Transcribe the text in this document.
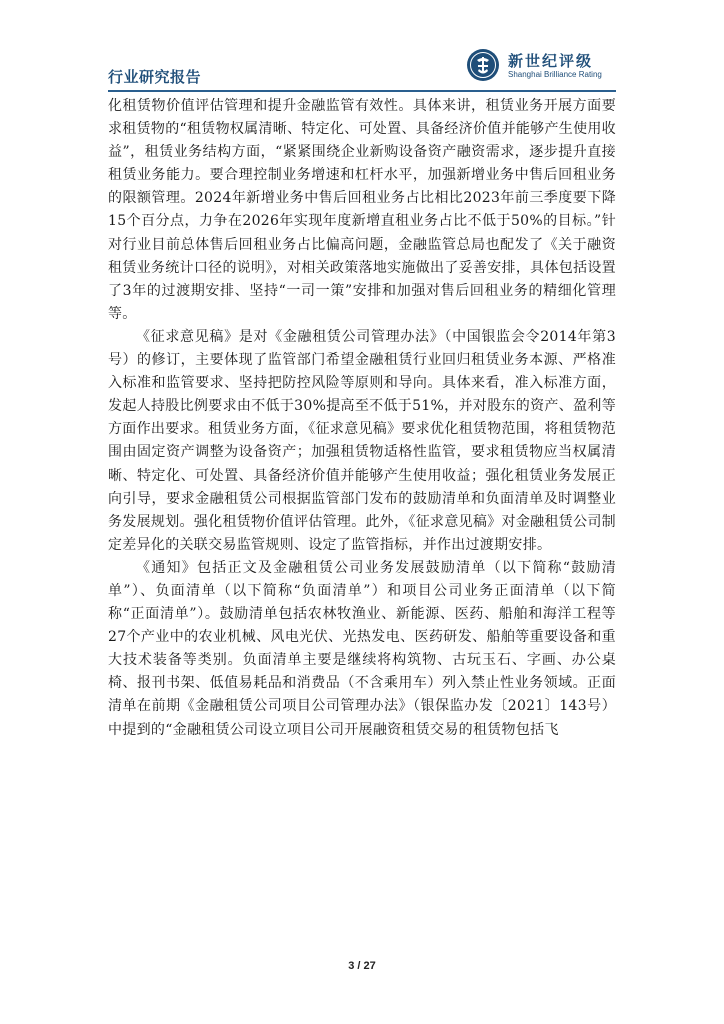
行业研究报告
新世纪评级
Shanghai Brilliance Rating

化租赁物价值评估管理和提升金融监管有效性。具体来讲，租赁业务开展方面要求租赁物的“租赁物权属清晰、特定化、可处置、具备经济价值并能够产生使用收益”，租赁业务结构方面，“紧紧围绕企业新购设备资产融资需求，逐步提升直接租赁业务能力。要合理控制业务增速和杠杆水平，加强新增业务中售后回租业务的限额管理。2024年新增业务中售后回租业务占比相比2023年前三季度要下降15个百分点，力争在2026年实现年度新增直租业务占比不低于50%的目标。”针对行业目前总体售后回租业务占比偏高问题，金融监管总局也配发了《关于融资租赁业务统计口径的说明》，对相关政策落地实施做出了妥善安排，具体包括设置了3年的过渡期安排、坚持“一司一策”安排和加强对售后回租业务的精细化管理等。

《征求意见稿》是对《金融租赁公司管理办法》（中国银监会令2014年第3号）的修订，主要体现了监管部门希望金融租赁行业回归租赁业务本源、严格准入标准和监管要求、坚持把防控风险等原则和导向。具体来看，准入标准方面，发起人持股比例要求由不低于30%提高至不低于51%，并对股东的资产、盈利等方面作出要求。租赁业务方面，《征求意见稿》要求优化租赁物范围，将租赁物范围由固定资产调整为设备资产；加强租赁物适格性监管，要求租赁物应当权属清晰、特定化、可处置、具备经济价值并能够产生使用收益；强化租赁业务发展正向引导，要求金融租赁公司根据监管部门发布的鼓励清单和负面清单及时调整业务发展规划。强化租赁物价值评估管理。此外，《征求意见稿》对金融租赁公司制定差异化的关联交易监管规则、设定了监管指标，并作出过渡期安排。

《通知》包括正文及金融租赁公司业务发展鼓励清单（以下简称“鼓励清单”）、负面清单（以下简称“负面清单”）和项目公司业务正面清单（以下简称“正面清单”）。鼓励清单包括农林牧渔业、新能源、医药、船舶和海洋工程等27个产业中的农业机械、风电光伏、光热发电、医药研发、船舶等重要设备和重大技术装备等类别。负面清单主要是继续将构筑物、古玩玉石、字画、办公桌椅、报刊书架、低值易耗品和消费品（不含乘用车）列入禁止性业务领域。正面清单在前期《金融租赁公司项目公司管理办法》（银保监办发〔2021〕143号）中提到的“金融租赁公司设立项目公司开展融资租赁交易的租赁物包括飞

3 / 27
